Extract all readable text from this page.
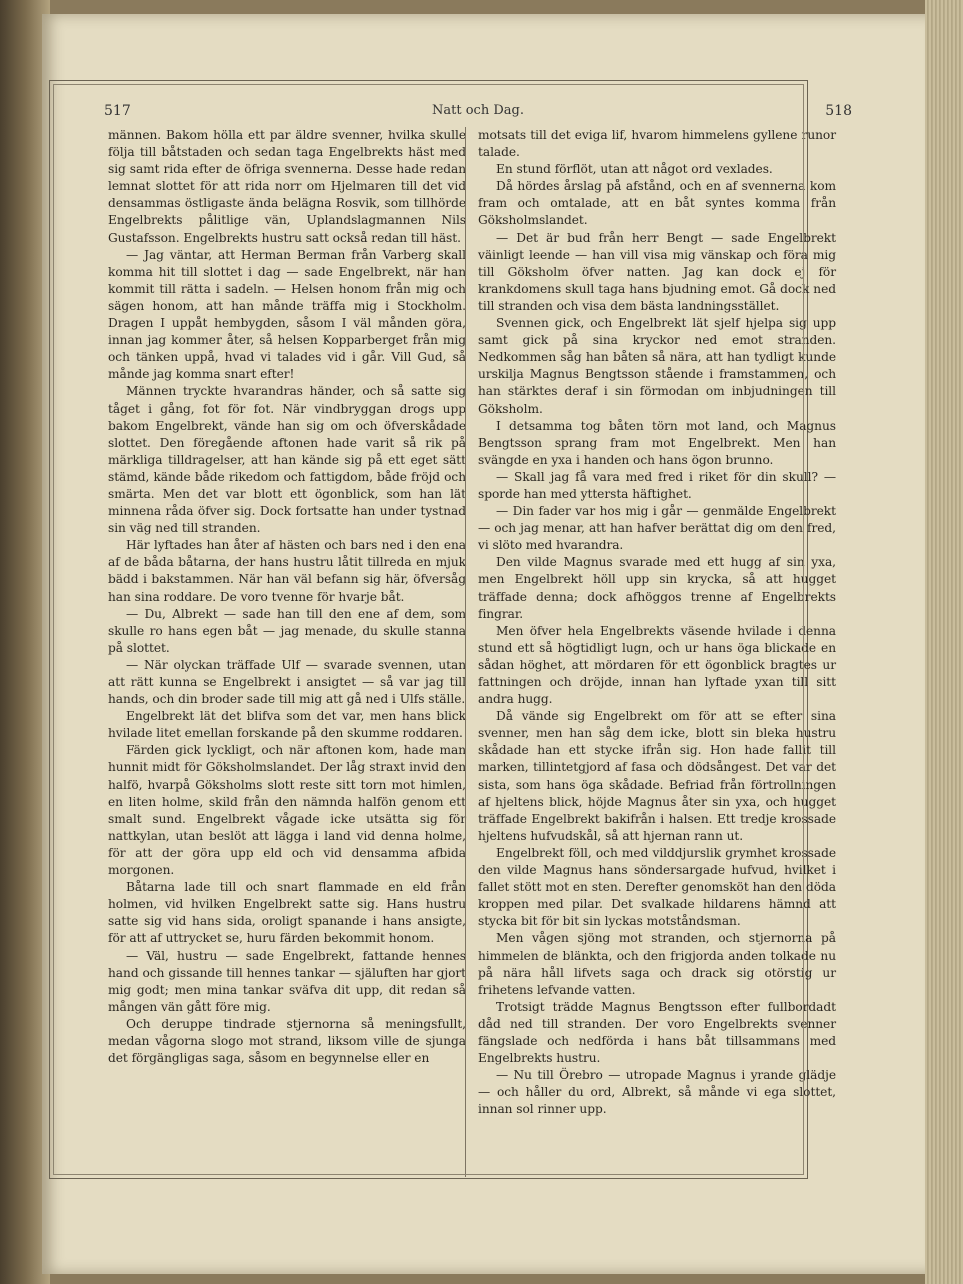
517	Natt och Dag.	518

männen. Bakom hölla ett par äldre svenner, hvilka skulle följa till båtstaden och sedan taga Engelbrekts häst med sig samt rida efter de öfriga svennerna. Desse hade redan lemnat slottet för att rida norr om Hjelmaren till det vid densammas östligaste ända belägna Rosvik, som tillhörde Engelbrekts pålitlige vän, Uplandslagmannen Nils Gustafsson. Engelbrekts hustru satt också redan till häst.

— Jag väntar, att Herman Berman från Varberg skall komma hit till slottet i dag — sade Engelbrekt, när han kommit till rätta i sadeln. — Helsen honom från mig och sägen honom, att han månde träffa mig i Stockholm. Dragen I uppåt hembygden, såsom I väl månden göra, innan jag kommer åter, så helsen Kopparberget från mig och tänken uppå, hvad vi talades vid i går. Vill Gud, så månde jag komma snart efter!

Männen tryckte hvarandras händer, och så satte sig tåget i gång, fot för fot. När vindbryggan drogs upp bakom Engelbrekt, vände han sig om och öfverskådade slottet. Den föregående aftonen hade varit så rik på märkliga tilldragelser, att han kände sig på ett eget sätt stämd, kände både rikedom och fattigdom, både fröjd och smärta. Men det var blott ett ögonblick, som han lät minnena råda öfver sig. Dock fortsatte han under tystnad sin väg ned till stranden.

Här lyftades han åter af hästen och bars ned i den ena af de båda båtarna, der hans hustru låtit tillreda en mjuk bädd i bakstammen. När han väl befann sig här, öfversåg han sina roddare. De voro tvenne för hvarje båt.

— Du, Albrekt — sade han till den ene af dem, som skulle ro hans egen båt — jag menade, du skulle stanna på slottet.

— När olyckan träffade Ulf — svarade svennen, utan att rätt kunna se Engelbrekt i ansigtet — så var jag till hands, och din broder sade till mig att gå ned i Ulfs ställe.

Engelbrekt lät det blifva som det var, men hans blick hvilade litet emellan forskande på den skumme roddaren.

Färden gick lyckligt, och när aftonen kom, hade man hunnit midt för Göksholmslandet. Der låg straxt invid den halfö, hvarpå Göksholms slott reste sitt torn mot himlen, en liten holme, skild från den nämnda halfön genom ett smalt sund. Engelbrekt vågade icke utsätta sig för nattkylan, utan beslöt att lägga i land vid denna holme, för att der göra upp eld och vid densamma afbida morgonen.

Båtarna lade till och snart flammade en eld från holmen, vid hvilken Engelbrekt satte sig. Hans hustru satte sig vid hans sida, oroligt spanande i hans ansigte, för att af uttrycket se, huru färden bekommit honom.

— Väl, hustru — sade Engelbrekt, fattande hennes hand och gissande till hennes tankar — själuften har gjort mig godt; men mina tankar sväfva dit upp, dit redan så mången vän gått före mig.

Och deruppe tindrade stjernorna så meningsfullt, medan vågorna slogo mot strand, liksom ville de sjunga det förgängligas saga, såsom en begynnelse eller en

motsats till det eviga lif, hvarom himmelens gyllene runor talade.

En stund förflöt, utan att något ord vexlades.

Då hördes årslag på afstånd, och en af svennerna kom fram och omtalade, att en båt syntes komma från Göksholmslandet.

— Det är bud från herr Bengt — sade Engelbrekt väinligt leende — han vill visa mig vänskap och föra mig till Göksholm öfver natten. Jag kan dock ej för krankdomens skull taga hans bjudning emot. Gå dock ned till stranden och visa dem bästa landningsstället.

Svennen gick, och Engelbrekt lät sjelf hjelpa sig upp samt gick på sina kryckor ned emot stranden. Nedkommen såg han båten så nära, att han tydligt kunde urskilja Magnus Bengtsson stående i framstammen, och han stärktes deraf i sin förmodan om inbjudningen till Göksholm.

I detsamma tog båten törn mot land, och Magnus Bengtsson sprang fram mot Engelbrekt. Men han svängde en yxa i handen och hans ögon brunno.

— Skall jag få vara med fred i riket för din skull? — sporde han med yttersta häftighet.

— Din fader var hos mig i går — genmälde Engelbrekt — och jag menar, att han hafver berättat dig om den fred, vi slöto med hvarandra.

Den vilde Magnus svarade med ett hugg af sin yxa, men Engelbrekt höll upp sin krycka, så att hugget träffade denna; dock afhöggos trenne af Engelbrekts fingrar.

Men öfver hela Engelbrekts väsende hvilade i denna stund ett så högtidligt lugn, och ur hans öga blickade en sådan höghet, att mördaren för ett ögonblick bragtes ur fattningen och dröjde, innan han lyftade yxan till sitt andra hugg.

Då vände sig Engelbrekt om för att se efter sina svenner, men han såg dem icke, blott sin bleka hustru skådade han ett stycke ifrån sig. Hon hade fallit till marken, tillintetgjord af fasa och dödsångest. Det var det sista, som hans öga skådade. Befriad från förtrollningen af hjeltens blick, höjde Magnus åter sin yxa, och hugget träffade Engelbrekt bakifrån i halsen. Ett tredje krossade hjeltens hufvudskål, så att hjernan rann ut.

Engelbrekt föll, och med vilddjurslik grymhet krossade den vilde Magnus hans söndersargade hufvud, hvilket i fallet stött mot en sten. Derefter genomsköt han den döda kroppen med pilar. Det svalkade hildarens hämnd att stycka bit för bit sin lyckas motståndsman.

Men vågen sjöng mot stranden, och stjernorna på himmelen de blänkta, och den frigjorda anden tolkade nu på nära håll lifvets saga och drack sig otörstig ur frihetens lefvande vatten.

Trotsigt trädde Magnus Bengtsson efter fullbordadt dåd ned till stranden. Der voro Engelbrekts svenner fängslade och nedförda i hans båt tillsammans med Engelbrekts hustru.

— Nu till Örebro — utropade Magnus i yrande glädje — och håller du ord, Albrekt, så månde vi ega slottet, innan sol rinner upp.
